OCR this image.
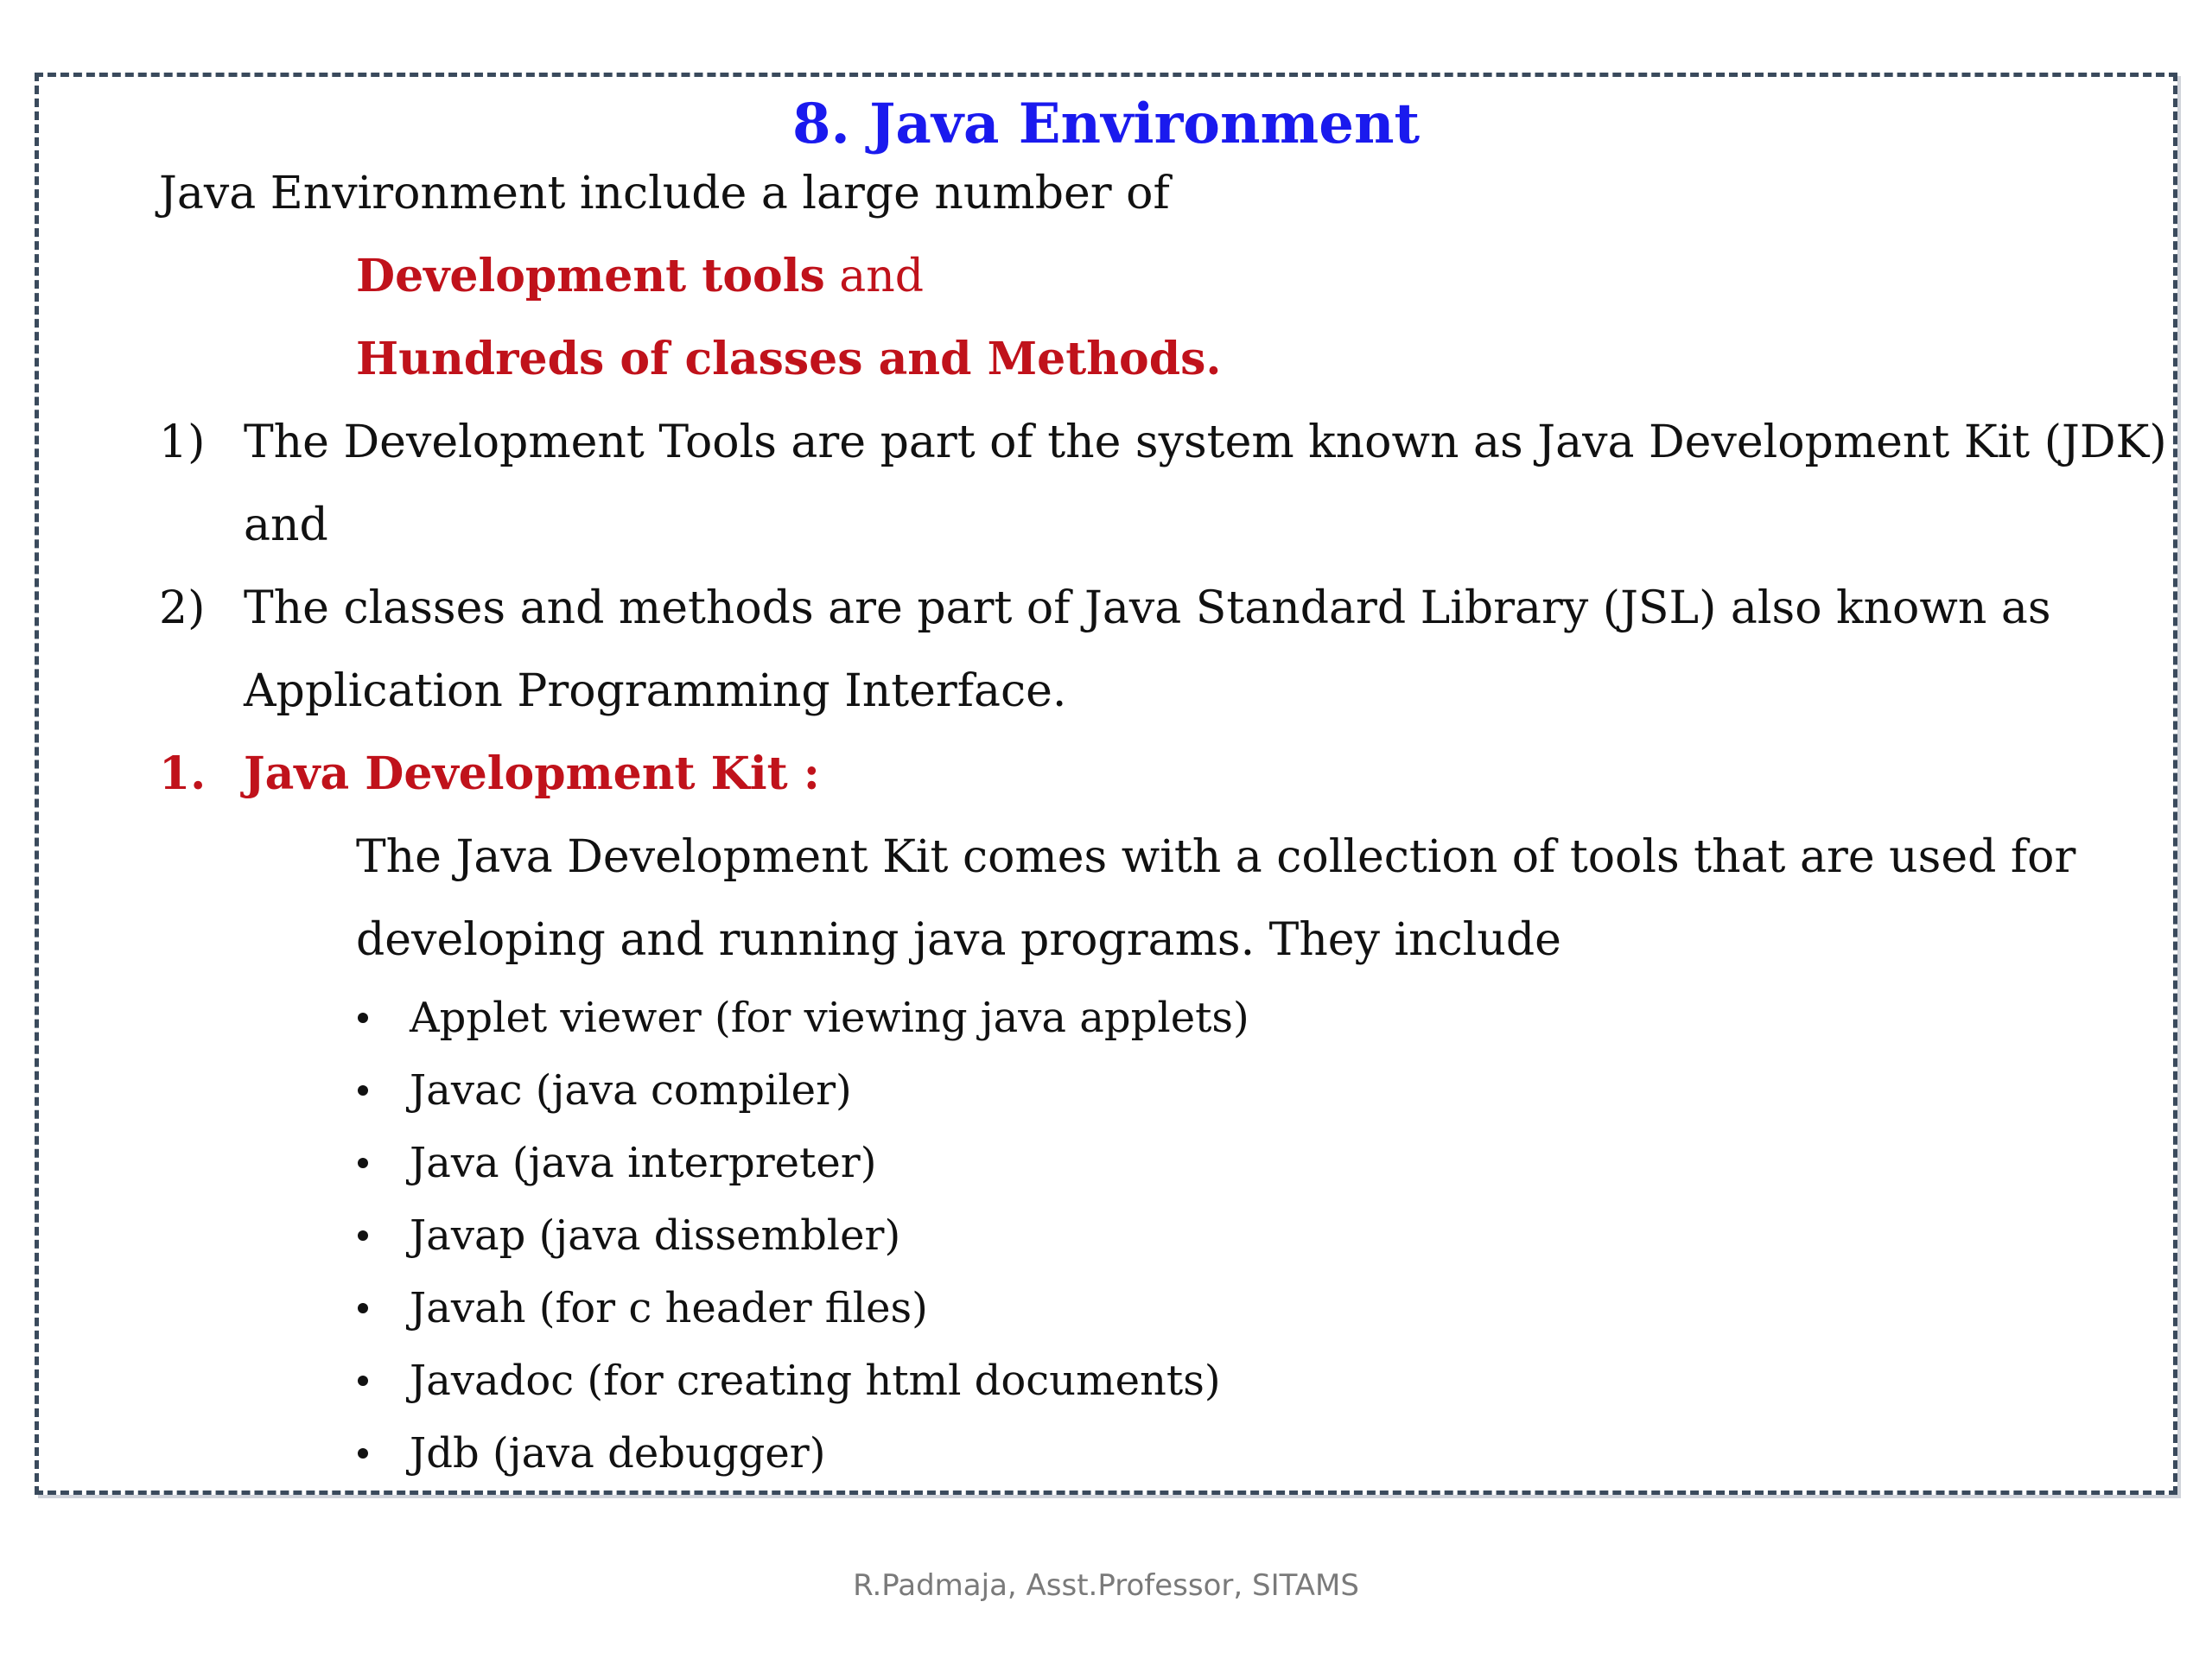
8. Java Environment
Java Environment include a large number of
Development tools and
Hundreds of classes and Methods.
1) The Development Tools are part of the system known as Java Development Kit (JDK)
and
2) The classes and methods are part of Java Standard Library (JSL) also known as
Application Programming Interface.
1. Java Development Kit :
The Java Development Kit comes with a collection of tools that are used for
developing and running java programs. They include
Applet viewer (for viewing java applets)
Javac (java compiler)
Java (java interpreter)
Javap (java dissembler)
Javah (for c header files)
Javadoc (for creating html documents)
Jdb (java debugger)
R.Padmaja, Asst.Professor, SITAMS
